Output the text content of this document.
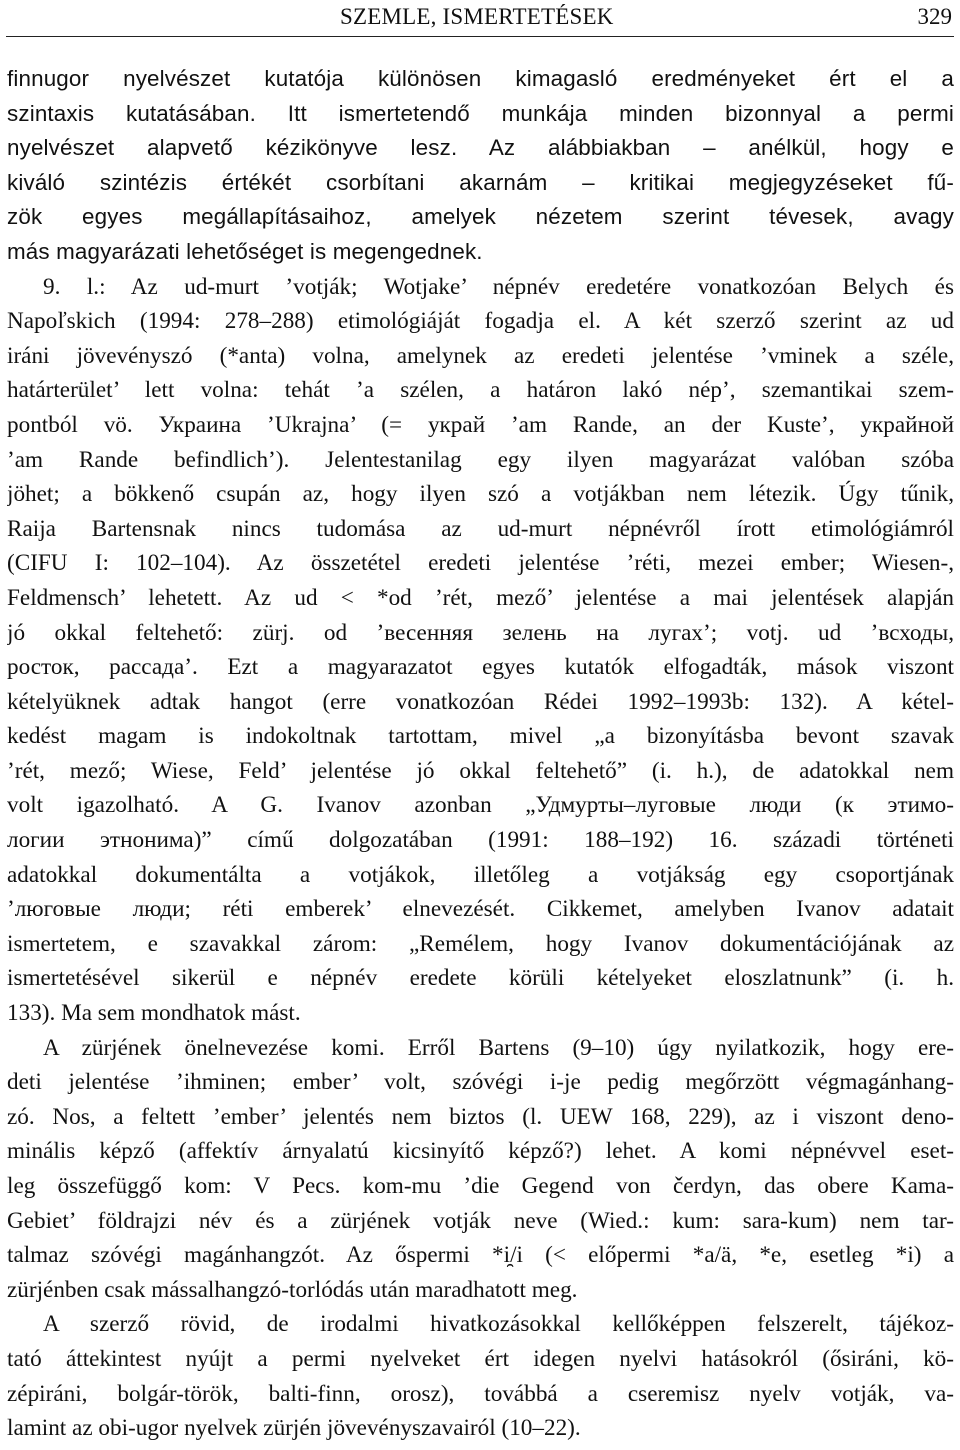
SZEMLE, ISMERTETÉSEK	329
finnugor nyelvészet kutatója különösen kimagasló eredményeket ért el a
szintaxis kutatásában. Itt ismertetendő munkája minden bizonnyal a permi
nyelvészet alapvető kézikönyve lesz. Az alábbiakban – anélkül, hogy e
kiváló szintézis értékét csorbítani akarnám – kritikai megjegyzéseket fű-
zök egyes megállapításaihoz, amelyek nézetem szerint tévesek, avagy
más magyarázati lehetőséget is megengednek.
9. l.: Az ud-murt ’votják; Wotjake’ népnév eredetére vonatkozóan Belych és
Napoľskich (1994: 278–288) etimológiáját fogadja el. A két szerző szerint az ud
iráni jövevényszó (*anta) volna, amelynek az eredeti jelentése ’vminek a széle,
határterület’ lett volna: tehát ’a szélen, a határon lakó nép’, szemantikai szem-
pontból vö. Украина ’Ukrajna’ (= украй ’am Rande, an der Kuste’, украйной
’am Rande befindlich’). Jelentestanilag egy ilyen magyarázat valóban szóba
jöhet; a bökkenő csupán az, hogy ilyen szó a votjákban nem létezik. Úgy tűnik,
Raija Bartensnak nincs tudomása az ud-murt népnévről írott etimológiámról
(CIFU I: 102–104). Az összetétel eredeti jelentése ’réti, mezei ember; Wiesen-,
Feldmensch’ lehetett. Az ud < *od ’rét, mező’ jelentése a mai jelentések alapján
jó okkal feltehető: zürj. od ’весенняя зелень на лугах’; votj. ud ’всходы,
росток, рассада’. Ezt a magyarazatot egyes kutatók elfogadták, mások viszont
kételyüknek adtak hangot (erre vonatkozóan Rédei 1992–1993b: 132). A kétel-
kedést magam is indokoltnak tartottam, mivel „a bizonyításba bevont szavak
’rét, mező; Wiese, Feld’ jelentése jó okkal feltehető” (i. h.), de adatokkal nem
volt igazolható. A G. Ivanov azonban „Удмурты–луговые люди (к этимо-
логии этнонима)” című dolgozatában (1991: 188–192) 16. századi történeti
adatokkal dokumentálta a votjákok, illetőleg a votjákság egy csoportjának
’люговые люди; réti emberek’ elnevezését. Cikkemet, amelyben Ivanov adatait
ismertetem, e szavakkal zárom: „Remélem, hogy Ivanov dokumentációjának az
ismertetésével sikerül e népnév eredete körüli kételyeket eloszlatnunk” (i. h.
133). Ma sem mondhatok mást.
A zürjének önelnevezése komi. Erről Bartens (9–10) úgy nyilatkozik, hogy ere-
deti jelentése ’ihminen; ember’ volt, szóvégi i-je pedig megőrzött végmagánhang-
zó. Nos, a feltett ’ember’ jelentés nem biztos (l. UEW 168, 229), az i viszont deno-
minális képző (affektív árnyalatú kicsinyítő képző?) lehet. A komi népnévvel eset-
leg összefüggő kom: V Pecs. kom-mu ’die Gegend von čerdyn, das obere Kama-
Gebiet’ földrajzi név és a zürjének votják neve (Wied.: kum: sara-kum) nem tar-
talmaz szóvégi magánhangzót. Az őspermi *i̯/i (< előpermi *a/ä, *e, esetleg *i) a
zürjénben csak mássalhangzó-torlódás után maradhatott meg.
A szerző rövid, de irodalmi hivatkozásokkal kellőképpen felszerelt, tájékoz-
tató áttekintest nyújt a permi nyelveket ért idegen nyelvi hatásokról (ősiráni, kö-
zépiráni, bolgár-török, balti-finn, orosz), továbbá a cseremisz nyelv votják, va-
lamint az obi-ugor nyelvek zürjén jövevényszavairól (10–22).
